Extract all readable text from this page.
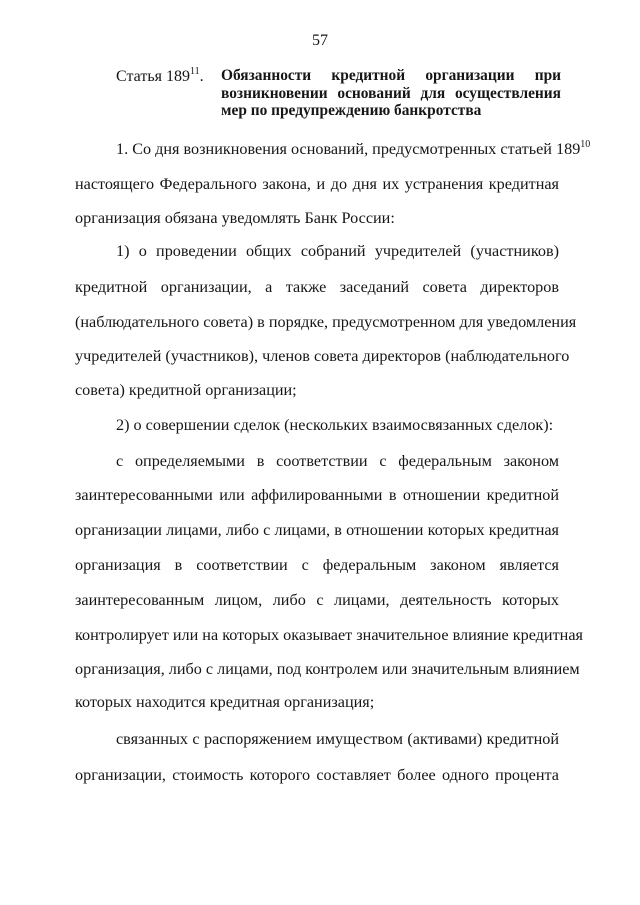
57
Статья $189^{11}$. Обязанности кредитной организации при возникновении оснований для осуществления мер по предупреждению банкротства
1. Со дня возникновения оснований, предусмотренных статьей $189^{10}$
настоящего Федерального закона, и до дня их устранения кредитная
организация обязана уведомлять Банк России:
1) о проведении общих собраний учредителей (участников)
кредитной организации, а также заседаний совета директоров
(наблюдательного совета) в порядке, предусмотренном для уведомления
учредителей (участников), членов совета директоров (наблюдательного
совета) кредитной организации;
2) о совершении сделок (нескольких взаимосвязанных сделок):
с определяемыми в соответствии с федеральным законом
заинтересованными или аффилированными в отношении кредитной
организации лицами, либо с лицами, в отношении которых кредитная
организация в соответствии с федеральным законом является
заинтересованным лицом, либо с лицами, деятельность которых
контролирует или на которых оказывает значительное влияние кредитная
организация, либо с лицами, под контролем или значительным влиянием
которых находится кредитная организация;
связанных с распоряжением имуществом (активами) кредитной
организации, стоимость которого составляет более одного процента
